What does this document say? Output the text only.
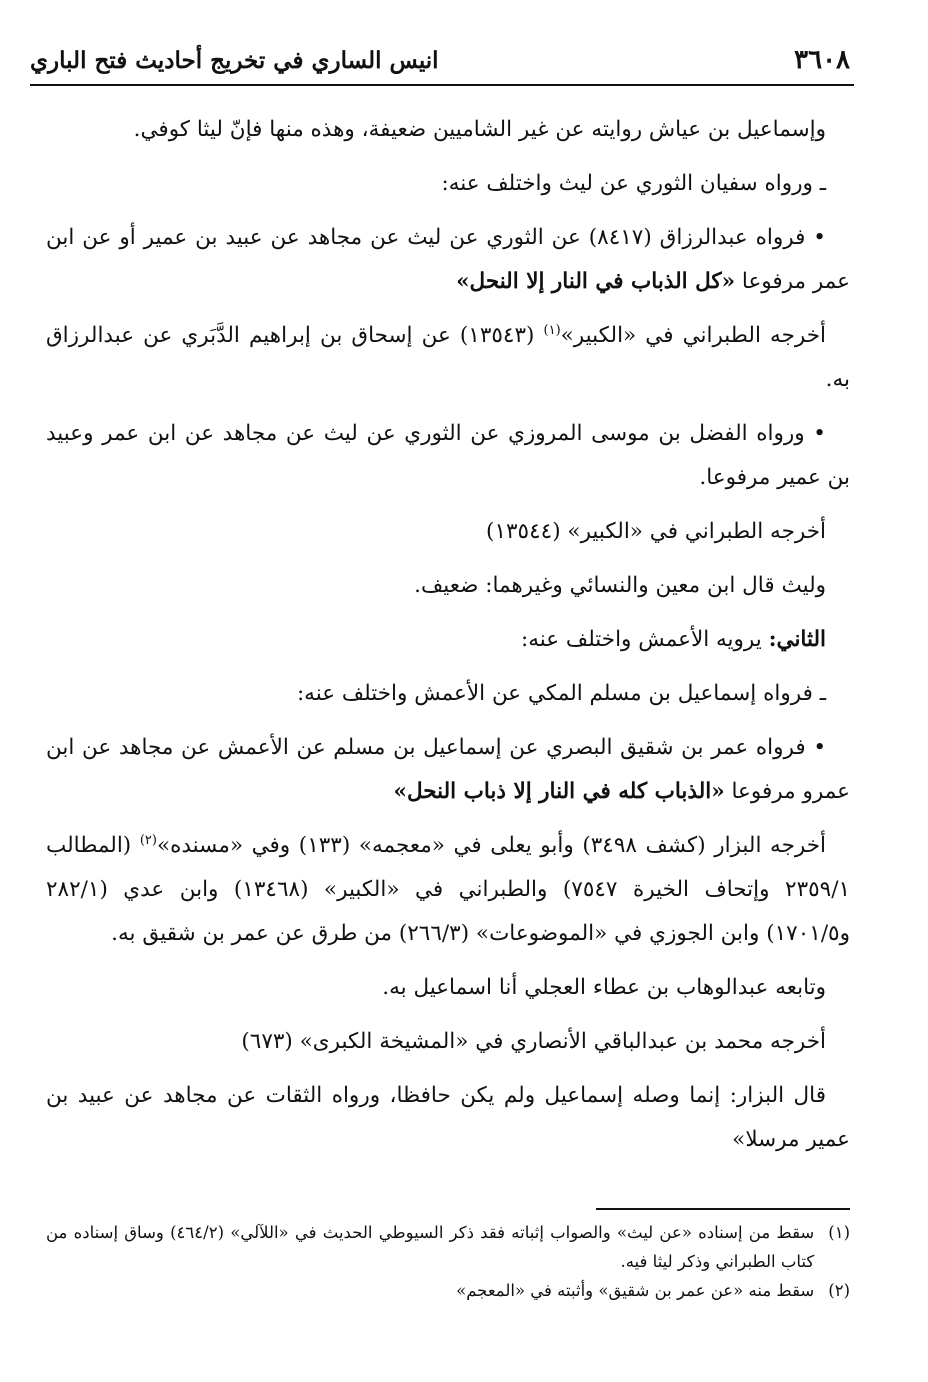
٣٦٠٨
انيس الساري في تخريج أحاديث فتح الباري

وإسماعيل بن عياش روايته عن غير الشاميين ضعيفة، وهذه منها فإنّ ليثا كوفي.

ـ ورواه سفيان الثوري عن ليث واختلف عنه:

• فرواه عبدالرزاق (٨٤١٧) عن الثوري عن ليث عن مجاهد عن عبيد بن عمير أو عن ابن عمر مرفوعا «كل الذباب في النار إلا النحل»

أخرجه الطبراني في «الكبير»$^{(١)}$ (١٣٥٤٣) عن إسحاق بن إبراهيم الدَّبَري عن عبدالرزاق به.

• ورواه الفضل بن موسى المروزي عن الثوري عن ليث عن مجاهد عن ابن عمر وعبيد بن عمير مرفوعا.

أخرجه الطبراني في «الكبير» (١٣٥٤٤)

وليث قال ابن معين والنسائي وغيرهما: ضعيف.

الثاني: يرويه الأعمش واختلف عنه:

ـ فرواه إسماعيل بن مسلم المكي عن الأعمش واختلف عنه:

• فرواه عمر بن شقيق البصري عن إسماعيل بن مسلم عن الأعمش عن مجاهد عن ابن عمرو مرفوعا «الذباب كله في النار إلا ذباب النحل»

أخرجه البزار (كشف ٣٤٩٨) وأبو يعلى في «معجمه» (١٣٣) وفي «مسنده»$^{(٢)}$ (المطالب ٢٣٥٩/١ وإتحاف الخيرة ٧٥٤٧) والطبراني في «الكبير» (١٣٤٦٨) وابن عدي (٢٨٢/١ و١٧٠١/٥) وابن الجوزي في «الموضوعات» (٢٦٦/٣) من طرق عن عمر بن شقيق به.

وتابعه عبدالوهاب بن عطاء العجلي أنا اسماعيل به.

أخرجه محمد بن عبدالباقي الأنصاري في «المشيخة الكبرى» (٦٧٣)

قال البزار: إنما وصله إسماعيل ولم يكن حافظا، ورواه الثقات عن مجاهد عن عبيد بن عمير مرسلا»

(١)
سقط من إسناده «عن ليث» والصواب إثباته فقد ذكر السيوطي الحديث في «اللآلي» (٤٦٤/٢) وساق إسناده من كتاب الطبراني وذكر ليثا فيه.
(٢)
سقط منه «عن عمر بن شقيق» وأثبته في «المعجم»
